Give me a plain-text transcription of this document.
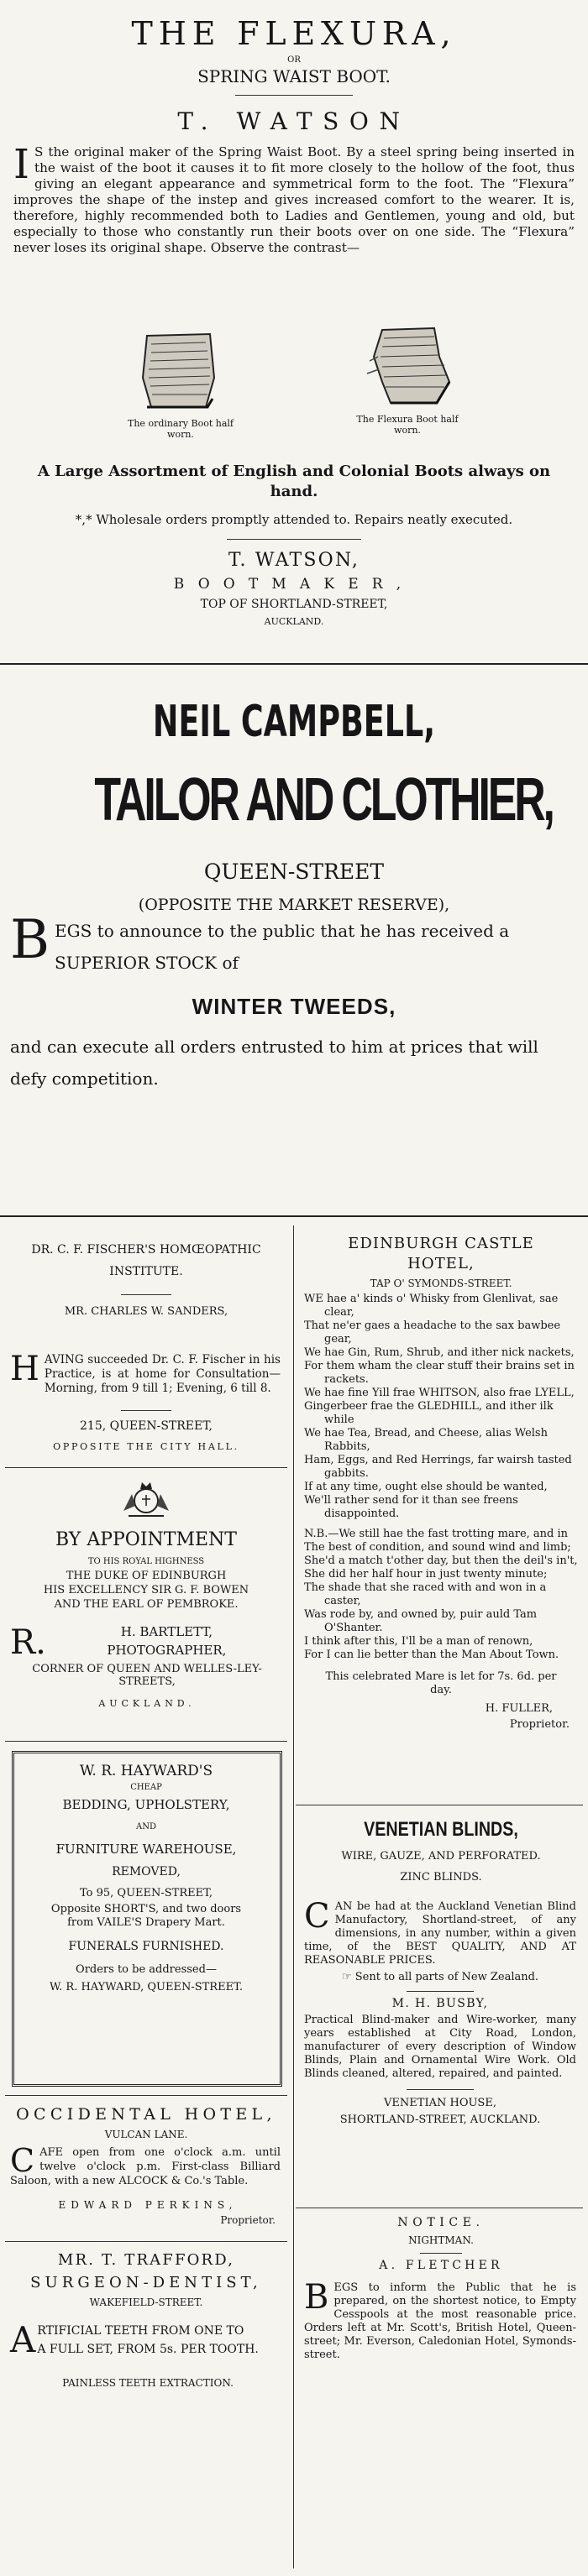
THE FLEXURA,
OR
SPRING WAIST BOOT.
T. WATSON
I S the original maker of the Spring Waist Boot. By a steel spring being inserted in the waist of the boot it causes it to fit more closely to the hollow of the foot, thus giving an elegant appearance and symmetrical form to the foot. The “Flexura” improves the shape of the instep and gives increased comfort to the wearer. It is, therefore, highly recommended both to Ladies and Gentlemen, young and old, but especially to those who constantly run their boots over on one side. The “Flexura” never loses its original shape. Observe the contrast—
The ordinary Boot half worn.
The Flexura Boot half worn.
A Large Assortment of English and Colonial Boots always on hand.
*,* Wholesale orders promptly attended to. Repairs neatly executed.
T. WATSON,
BOOTMAKER,
TOP OF SHORTLAND-STREET,
AUCKLAND.
NEIL CAMPBELL,
TAILOR AND CLOTHIER,
QUEEN-STREET
(OPPOSITE THE MARKET RESERVE),
B EGS to announce to the public that he has received a SUPERIOR STOCK of
WINTER TWEEDS,
and can execute all orders entrusted to him at prices that will defy competition.
DR. C. F. FISCHER'S HOMŒOPATHIC INSTITUTE.
MR. CHARLES W. SANDERS,
H AVING succeeded Dr. C. F. Fischer in his Practice, is at home for Consultation—Morning, from 9 till 1; Evening, 6 till 8.
215, QUEEN-STREET,
OPPOSITE THE CITY HALL.
BY APPOINTMENT
TO HIS ROYAL HIGHNESS
THE DUKE OF EDINBURGH
HIS EXCELLENCY SIR G. F. BOWEN
AND THE EARL OF PEMBROKE.
R.	H. BARTLETT,
PHOTOGRAPHER,
CORNER OF QUEEN AND WELLES-LEY-STREETS,
AUCKLAND.
W. R. HAYWARD'S
CHEAP
BEDDING, UPHOLSTERY,
AND
FURNITURE WAREHOUSE,
REMOVED,
To 95, QUEEN-STREET,
Opposite SHORT'S, and two doors from VAILE'S Drapery Mart.
FUNERALS FURNISHED.
Orders to be addressed—
W. R. HAYWARD, QUEEN-STREET.
OCCIDENTAL HOTEL,
VULCAN LANE.
C AFE open from one o'clock a.m. until twelve o'clock p.m. First-class Billiard Saloon, with a new ALCOCK & Co.'s Table.
EDWARD PERKINS,
Proprietor.
MR. T. TRAFFORD,
SURGEON-DENTIST,
WAKEFIELD-STREET.
A RTIFICIAL TEETH FROM ONE TO
A FULL SET, FROM 5s. PER TOOTH.
PAINLESS TEETH EXTRACTION.
EDINBURGH CASTLE HOTEL,
TAP O' SYMONDS-STREET.

WE hae a' kinds o' Whisky from Glenlivat, sae clear,

That ne'er gaes a headache to the sax bawbee gear,

We hae Gin, Rum, Shrub, and ither nick nackets,

For them wham the clear stuff their brains set in rackets.

We hae fine Yill frae WHITSON, also frae LYELL,

Gingerbeer frae the GLEDHILL, and ither ilk while

We hae Tea, Bread, and Cheese, alias Welsh Rabbits,

Ham, Eggs, and Red Herrings, far wairsh tasted gabbits.

If at any time, ought else should be wanted,

We'll rather send for it than see freens disappointed.

N.B.—We still hae the fast trotting mare, and in

The best of condition, and sound wind and limb;

She'd a match t'other day, but then the deil's in't,

She did her half hour in just twenty minute;

The shade that she raced with and won in a caster,

Was rode by, and owned by, puir auld Tam O'Shanter.

I think after this, I'll be a man of renown,

For I can lie better than the Man About Town.

This celebrated Mare is let for 7s. 6d. per day.
H. FULLER,
Proprietor.
VENETIAN BLINDS,
WIRE, GAUZE, AND PERFORATED.
ZINC BLINDS.
C AN be had at the Auckland Venetian Blind Manufactory, Shortland-street, of any dimensions, in any number, within a given time, of the BEST QUALITY, AND AT REASONABLE PRICES.
☞ Sent to all parts of New Zealand.
M. H. BUSBY,
Practical Blind-maker and Wire-worker, many years established at City Road, London, manufacturer of every description of Window Blinds, Plain and Ornamental Wire Work. Old Blinds cleaned, altered, repaired, and painted.
VENETIAN HOUSE,
SHORTLAND-STREET, AUCKLAND.
NOTICE.
NIGHTMAN.
A. FLETCHER
B EGS to inform the Public that he is prepared, on the shortest notice, to Empty Cesspools at the most reasonable price. Orders left at Mr. Scott's, British Hotel, Queen-street; Mr. Everson, Caledonian Hotel, Symonds-street.
